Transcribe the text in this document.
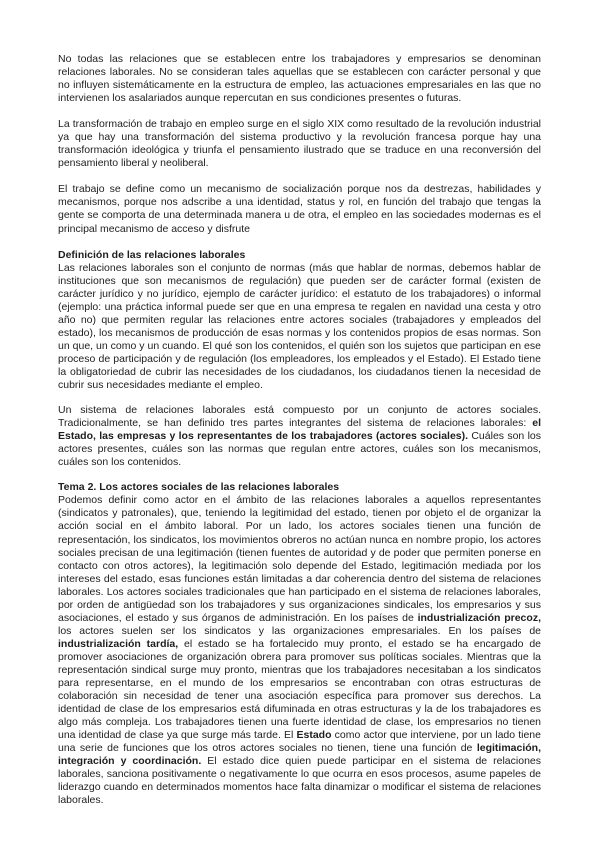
No todas las relaciones que se establecen entre los trabajadores y empresarios se denominan relaciones laborales. No se consideran tales aquellas que se establecen con carácter personal y que no influyen sistemáticamente en la estructura de empleo, las actuaciones empresariales en las que no intervienen los asalariados aunque repercutan en sus condiciones presentes o futuras.

La transformación de trabajo en empleo surge en el siglo XIX como resultado de la revolución industrial ya que hay una transformación del sistema productivo y la revolución francesa porque hay una transformación ideológica y triunfa el pensamiento ilustrado que se traduce en una reconversión del pensamiento liberal y neoliberal.

El trabajo se define como un mecanismo de socialización porque nos da destrezas, habilidades y mecanismos, porque nos adscribe a una identidad, status y rol, en función del trabajo que tengas la gente se comporta de una determinada manera u de otra, el empleo en las sociedades modernas es el principal mecanismo de acceso y disfrute

Definición de las relaciones laborales

Las relaciones laborales son el conjunto de normas (más que hablar de normas, debemos hablar de instituciones que son mecanismos de regulación) que pueden ser de carácter formal (existen de carácter jurídico y no jurídico, ejemplo de carácter jurídico: el estatuto de los trabajadores) o informal (ejemplo: una práctica informal puede ser que en una empresa te regalen en navidad una cesta y otro año no) que permiten regular las relaciones entre actores sociales (trabajadores y empleados del estado), los mecanismos de producción de esas normas y los contenidos propios de esas normas. Son un que, un como y un cuando. El qué son los contenidos, el quién son los sujetos que participan en ese proceso de participación y de regulación (los empleadores, los empleados y el Estado). El Estado tiene la obligatoriedad de cubrir las necesidades de los ciudadanos, los ciudadanos tienen la necesidad de cubrir sus necesidades mediante el empleo.

Un sistema de relaciones laborales está compuesto por un conjunto de actores sociales. Tradicionalmente, se han definido tres partes integrantes del sistema de relaciones laborales: el Estado, las empresas y los representantes de los trabajadores (actores sociales). Cuáles son los actores presentes, cuáles son las normas que regulan entre actores, cuáles son los mecanismos, cuáles son los contenidos.

Tema 2. Los actores sociales de las relaciones laborales

Podemos definir como actor en el ámbito de las relaciones laborales a aquellos representantes (sindicatos y patronales), que, teniendo la legitimidad del estado, tienen por objeto el de organizar la acción social en el ámbito laboral. Por un lado, los actores sociales tienen una función de representación, los sindicatos, los movimientos obreros no actúan nunca en nombre propio, los actores sociales precisan de una legitimación (tienen fuentes de autoridad y de poder que permiten ponerse en contacto con otros actores), la legitimación solo depende del Estado, legitimación mediada por los intereses del estado, esas funciones están limitadas a dar coherencia dentro del sistema de relaciones laborales. Los actores sociales tradicionales que han participado en el sistema de relaciones laborales, por orden de antigüedad son los trabajadores y sus organizaciones sindicales, los empresarios y sus asociaciones, el estado y sus órganos de administración. En los países de industrialización precoz, los actores suelen ser los sindicatos y las organizaciones empresariales. En los países de industrialización tardía, el estado se ha fortalecido muy pronto, el estado se ha encargado de promover asociaciones de organización obrera para promover sus políticas sociales. Mientras que la representación sindical surge muy pronto, mientras que los trabajadores necesitaban a los sindicatos para representarse, en el mundo de los empresarios se encontraban con otras estructuras de colaboración sin necesidad de tener una asociación específica para promover sus derechos. La identidad de clase de los empresarios está difuminada en otras estructuras y la de los trabajadores es algo más compleja. Los trabajadores tienen una fuerte identidad de clase, los empresarios no tienen una identidad de clase ya que surge más tarde. El Estado como actor que interviene, por un lado tiene una serie de funciones que los otros actores sociales no tienen, tiene una función de legitimación, integración y coordinación. El estado dice quien puede participar en el sistema de relaciones laborales, sanciona positivamente o negativamente lo que ocurra en esos procesos, asume papeles de liderazgo cuando en determinados momentos hace falta dinamizar o modificar el sistema de relaciones laborales.
